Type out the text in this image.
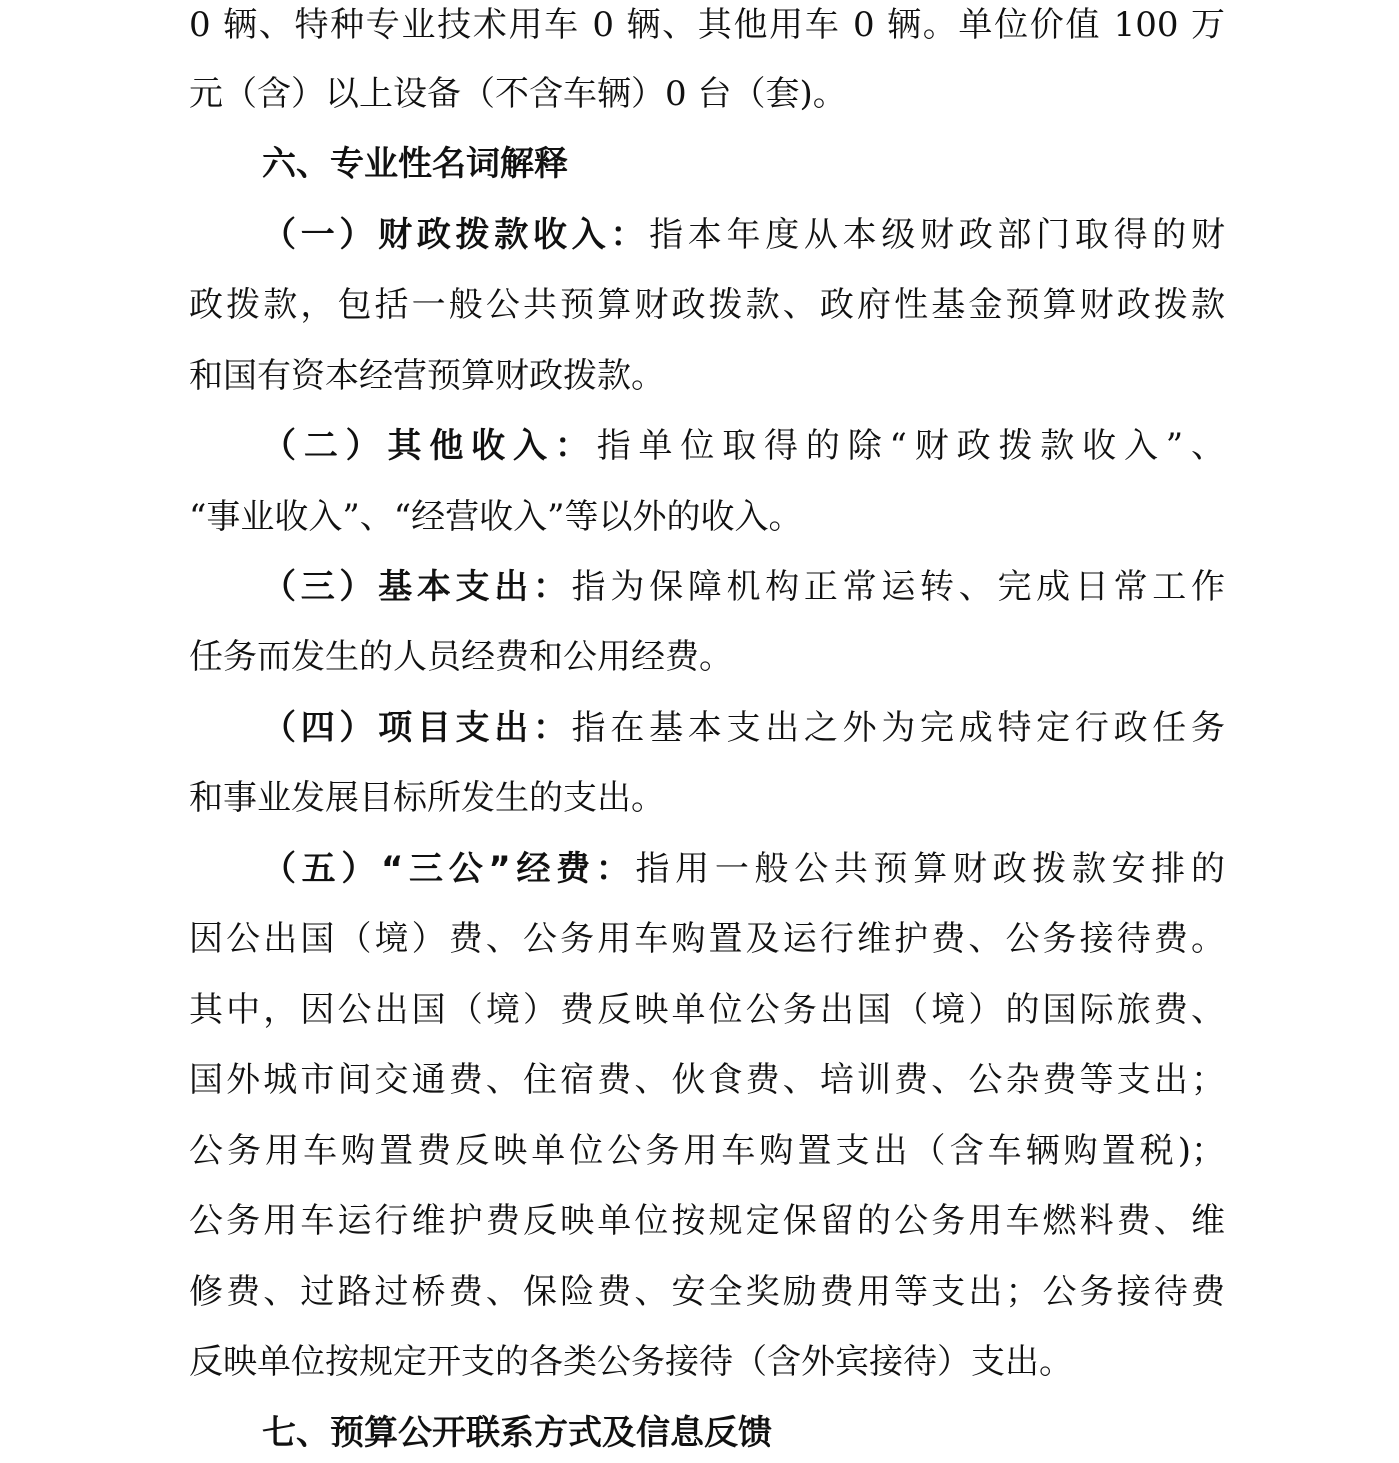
0 辆、特种专业技术用车 0 辆、其他用车 0 辆。单位价值 100 万
元（含）以上设备（不含车辆）0 台（套)。
六、专业性名词解释
（一）财政拨款收入：指本年度从本级财政部门取得的财
政拨款，包括一般公共预算财政拨款、政府性基金预算财政拨款
和国有资本经营预算财政拨款。
（二）其他收入：指单位取得的除“财政拨款收入”、
“事业收入”、“经营收入”等以外的收入。
（三）基本支出：指为保障机构正常运转、完成日常工作
任务而发生的人员经费和公用经费。
（四）项目支出：指在基本支出之外为完成特定行政任务
和事业发展目标所发生的支出。
（五）“三公”经费：指用一般公共预算财政拨款安排的
因公出国（境）费、公务用车购置及运行维护费、公务接待费。
其中，因公出国（境）费反映单位公务出国（境）的国际旅费、
国外城市间交通费、住宿费、伙食费、培训费、公杂费等支出；
公务用车购置费反映单位公务用车购置支出（含车辆购置税)；
公务用车运行维护费反映单位按规定保留的公务用车燃料费、维
修费、过路过桥费、保险费、安全奖励费用等支出；公务接待费
反映单位按规定开支的各类公务接待（含外宾接待）支出。
七、预算公开联系方式及信息反馈
